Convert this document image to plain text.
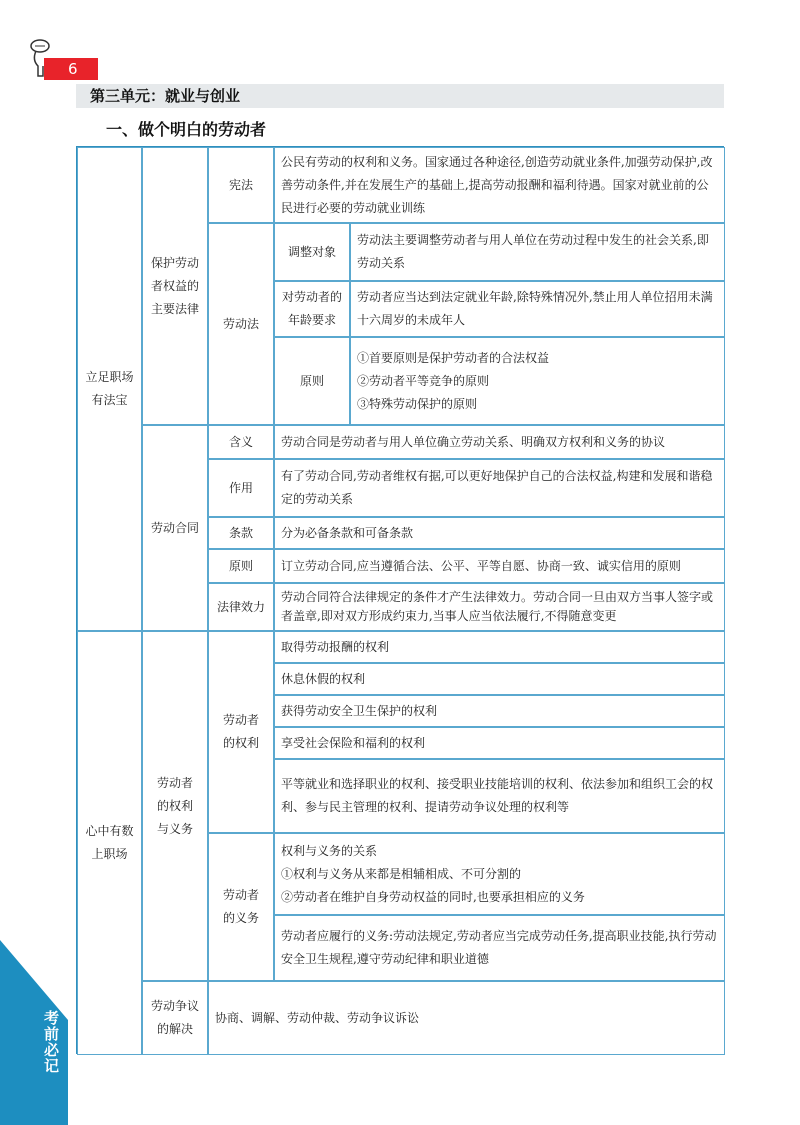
6
第三单元：就业与创业
一、做个明白的劳动者
考前必记
立足职场
有法宝
心中有数
上职场
保护劳动
者权益的
主要法律
劳动合同
劳动者
的权利
与义务
劳动争议
的解决
宪法
公民有劳动的权利和义务。国家通过各种途径,创造劳动就业条件,加强劳动保护,改善劳动条件,并在发展生产的基础上,提高劳动报酬和福利待遇。国家对就业前的公民进行必要的劳动就业训练
劳动法
调整对象
劳动法主要调整劳动者与用人单位在劳动过程中发生的社会关系,即劳动关系
对劳动者的
年龄要求
劳动者应当达到法定就业年龄,除特殊情况外,禁止用人单位招用未满十六周岁的未成年人
原则
①首要原则是保护劳动者的合法权益
②劳动者平等竞争的原则
③特殊劳动保护的原则
含义 劳动合同是劳动者与用人单位确立劳动关系、明确双方权利和义务的协议
作用
有了劳动合同,劳动者维权有据,可以更好地保护自己的合法权益,构建和发展和谐稳定的劳动关系
条款 分为必备条款和可备条款
原则 订立劳动合同,应当遵循合法、公平、平等自愿、协商一致、诚实信用的原则
法律效力
劳动合同符合法律规定的条件才产生法律效力。劳动合同一旦由双方当事人签字或者盖章,即对双方形成约束力,当事人应当依法履行,不得随意变更
劳动者
的权利
取得劳动报酬的权利
休息休假的权利
获得劳动安全卫生保护的权利
享受社会保险和福利的权利
平等就业和选择职业的权利、接受职业技能培训的权利、依法参加和组织工会的权利、参与民主管理的权利、提请劳动争议处理的权利等
劳动者
的义务
权利与义务的关系
①权利与义务从来都是相辅相成、不可分割的
②劳动者在维护自身劳动权益的同时,也要承担相应的义务
劳动者应履行的义务:劳动法规定,劳动者应当完成劳动任务,提高职业技能,执行劳动安全卫生规程,遵守劳动纪律和职业道德
协商、调解、劳动仲裁、劳动争议诉讼
